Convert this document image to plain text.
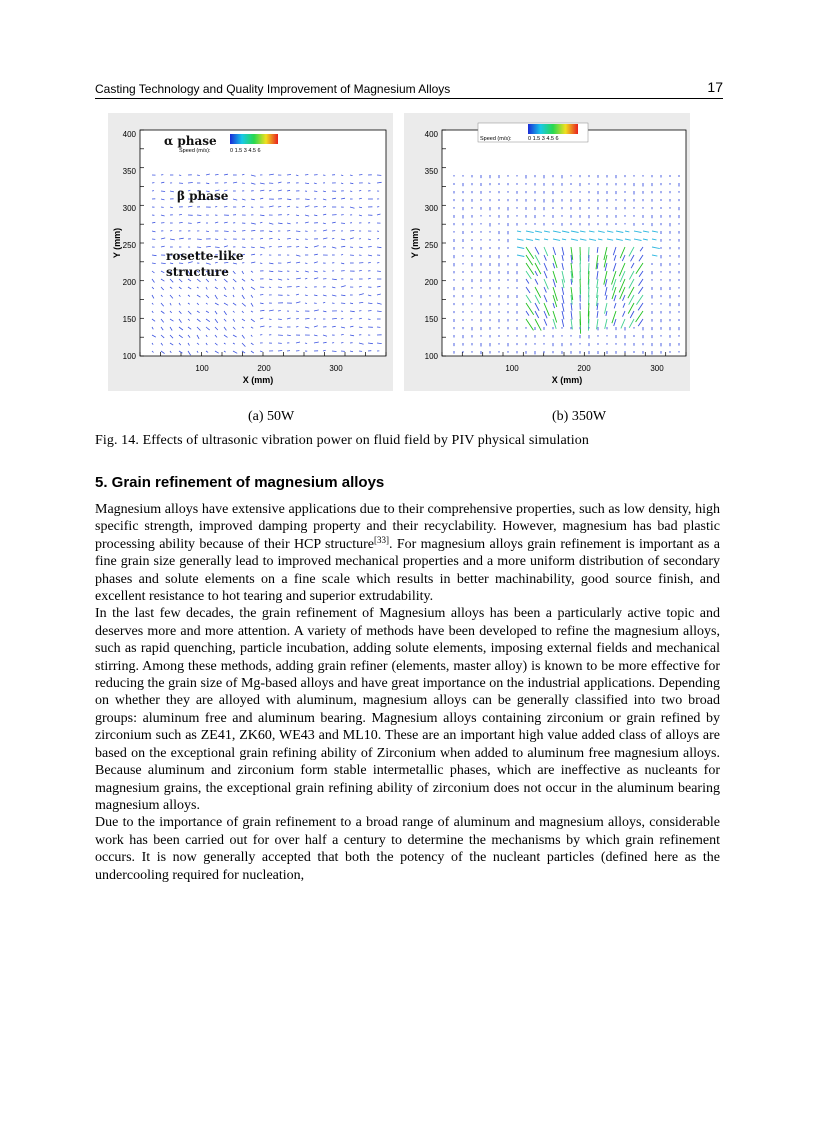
Casting Technology and Quality Improvement of Magnesium Alloys	17
400
350
300
250
200
150
100
100	200	300
X (mm)
Y (mm)
Speed (m/s):	0 1.5 3 4.5 6
α phase
β phase
rosette-like
structure
400
350
300
250
200
150
100
100	200	300
X (mm)
Y (mm)
Speed (m/s):	0 1.5 3 4.5 6
(a) 50W	(b) 350W
Fig. 14. Effects of ultrasonic vibration power on fluid field by PIV physical simulation
5. Grain refinement of magnesium alloys

Magnesium alloys have extensive applications due to their comprehensive properties, such as low density, high specific strength, improved damping property and their recyclability. However, magnesium has bad plastic processing ability because of their HCP structure[33]. For magnesium alloys grain refinement is important as a fine grain size generally lead to improved mechanical properties and a more uniform distribution of secondary phases and solute elements on a fine scale which results in better machinability, good source finish, and excellent resistance to hot tearing and superior extrudability.

In the last few decades, the grain refinement of Magnesium alloys has been a particularly active topic and deserves more and more attention. A variety of methods have been developed to refine the magnesium alloys, such as rapid quenching, particle incubation, adding solute elements, imposing external fields and mechanical stirring. Among these methods, adding grain refiner (elements, master alloy) is known to be more effective for reducing the grain size of Mg-based alloys and have great importance on the industrial applications. Depending on whether they are alloyed with aluminum, magnesium alloys can be generally classified into two broad groups: aluminum free and aluminum bearing. Magnesium alloys containing zirconium or grain refined by zirconium such as ZE41, ZK60, WE43 and ML10. These are an important high value added class of alloys are based on the exceptional grain refining ability of Zirconium when added to aluminum free magnesium alloys. Because aluminum and zirconium form stable intermetallic phases, which are ineffective as nucleants for magnesium grains, the exceptional grain refining ability of zirconium does not occur in the aluminum bearing magnesium alloys.

Due to the importance of grain refinement to a broad range of aluminum and magnesium alloys, considerable work has been carried out for over half a century to determine the mechanisms by which grain refinement occurs. It is now generally accepted that both the potency of the nucleant particles (defined here as the undercooling required for nucleation,
